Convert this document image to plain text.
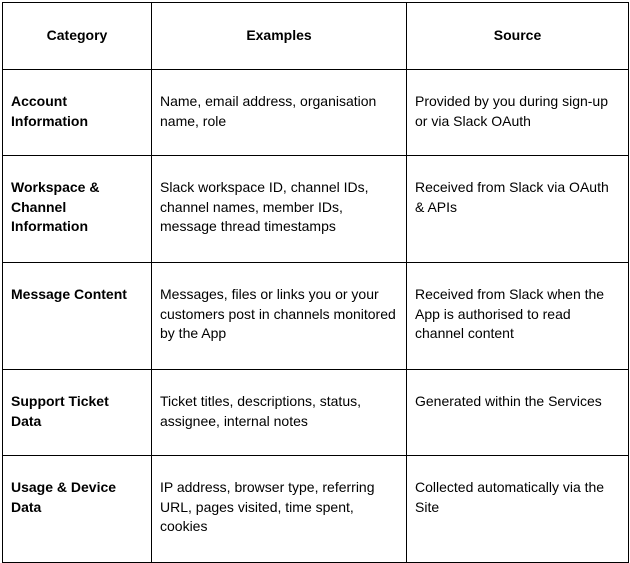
Category	Examples	Source
Account Information	Name, email address, organisation name, role	Provided by you during sign-up or via Slack OAuth
Workspace & Channel Information	Slack workspace ID, channel IDs, channel names, member IDs, message thread timestamps	Received from Slack via OAuth & APIs
Message Content	Messages, files or links you or your customers post in channels monitored by the App	Received from Slack when the App is authorised to read channel content
Support Ticket Data	Ticket titles, descriptions, status, assignee, internal notes	Generated within the Services
Usage & Device Data	IP address, browser type, referring URL, pages visited, time spent, cookies	Collected automatically via the Site
